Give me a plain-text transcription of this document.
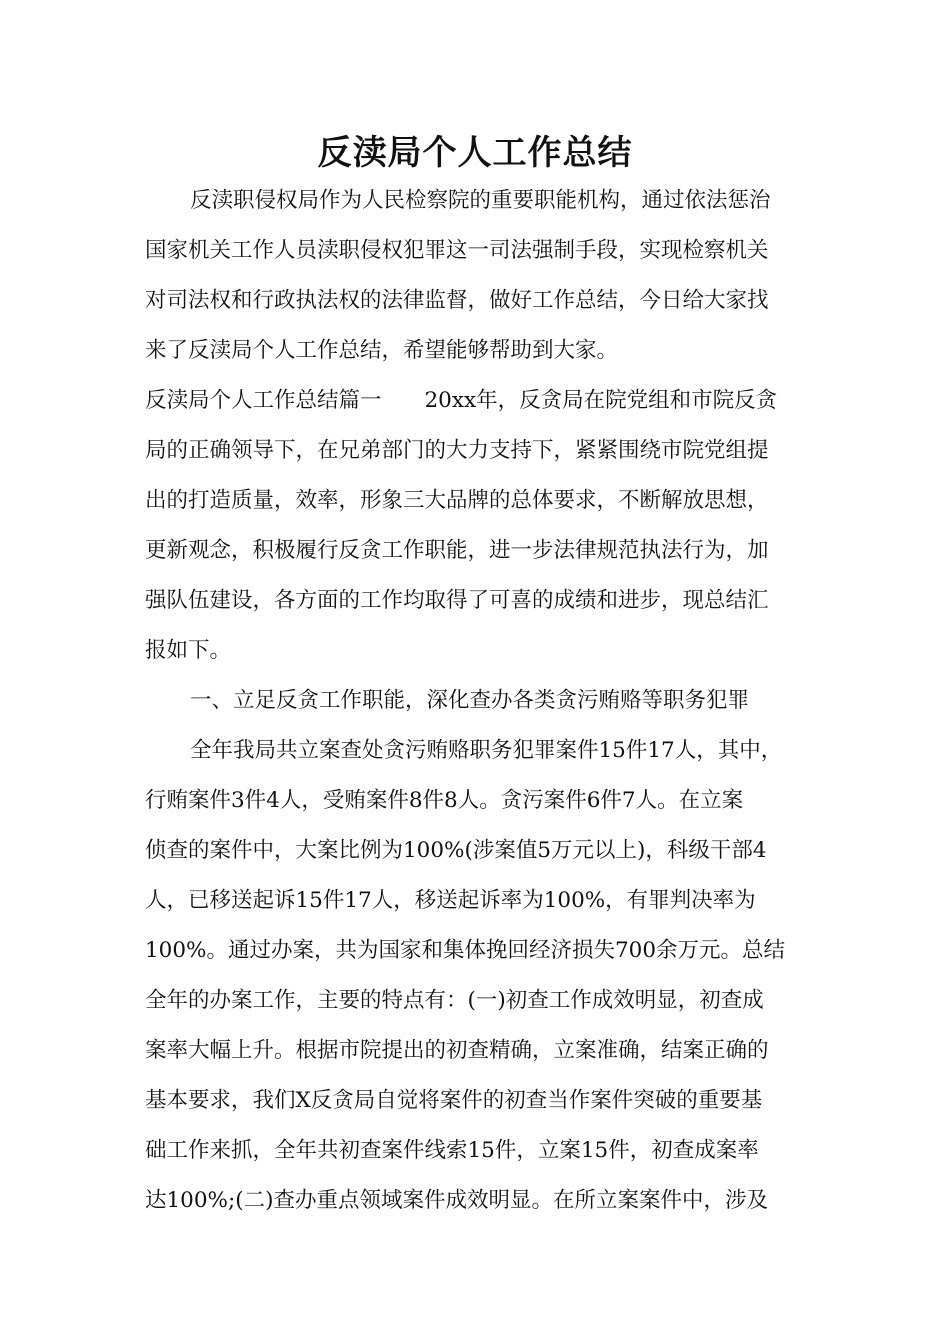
反渎局个人工作总结

反渎职侵权局作为人民检察院的重要职能机构，通过依法惩治

国家机关工作人员渎职侵权犯罪这一司法强制手段，实现检察机关

对司法权和行政执法权的法律监督，做好工作总结，今日给大家找

来了反渎局个人工作总结，希望能够帮助到大家。

反渎局个人工作总结篇一　　20xx年，反贪局在院党组和市院反贪

局的正确领导下，在兄弟部门的大力支持下，紧紧围绕市院党组提

出的打造质量，效率，形象三大品牌的总体要求，不断解放思想，

更新观念，积极履行反贪工作职能，进一步法律规范执法行为，加

强队伍建设，各方面的工作均取得了可喜的成绩和进步，现总结汇

报如下。

一、立足反贪工作职能，深化查办各类贪污贿赂等职务犯罪

全年我局共立案查处贪污贿赂职务犯罪案件15件17人，其中，

行贿案件3件4人，受贿案件8件8人。贪污案件6件7人。在立案

侦查的案件中，大案比例为100%(涉案值5万元以上)，科级干部4

人，已移送起诉15件17人，移送起诉率为100%，有罪判决率为

100%。通过办案，共为国家和集体挽回经济损失700余万元。总结

全年的办案工作，主要的特点有：(一)初查工作成效明显，初查成

案率大幅上升。根据市院提出的初查精确，立案准确，结案正确的

基本要求，我们X反贪局自觉将案件的初查当作案件突破的重要基

础工作来抓，全年共初查案件线索15件，立案15件，初查成案率

达100%;(二)查办重点领域案件成效明显。在所立案案件中，涉及
